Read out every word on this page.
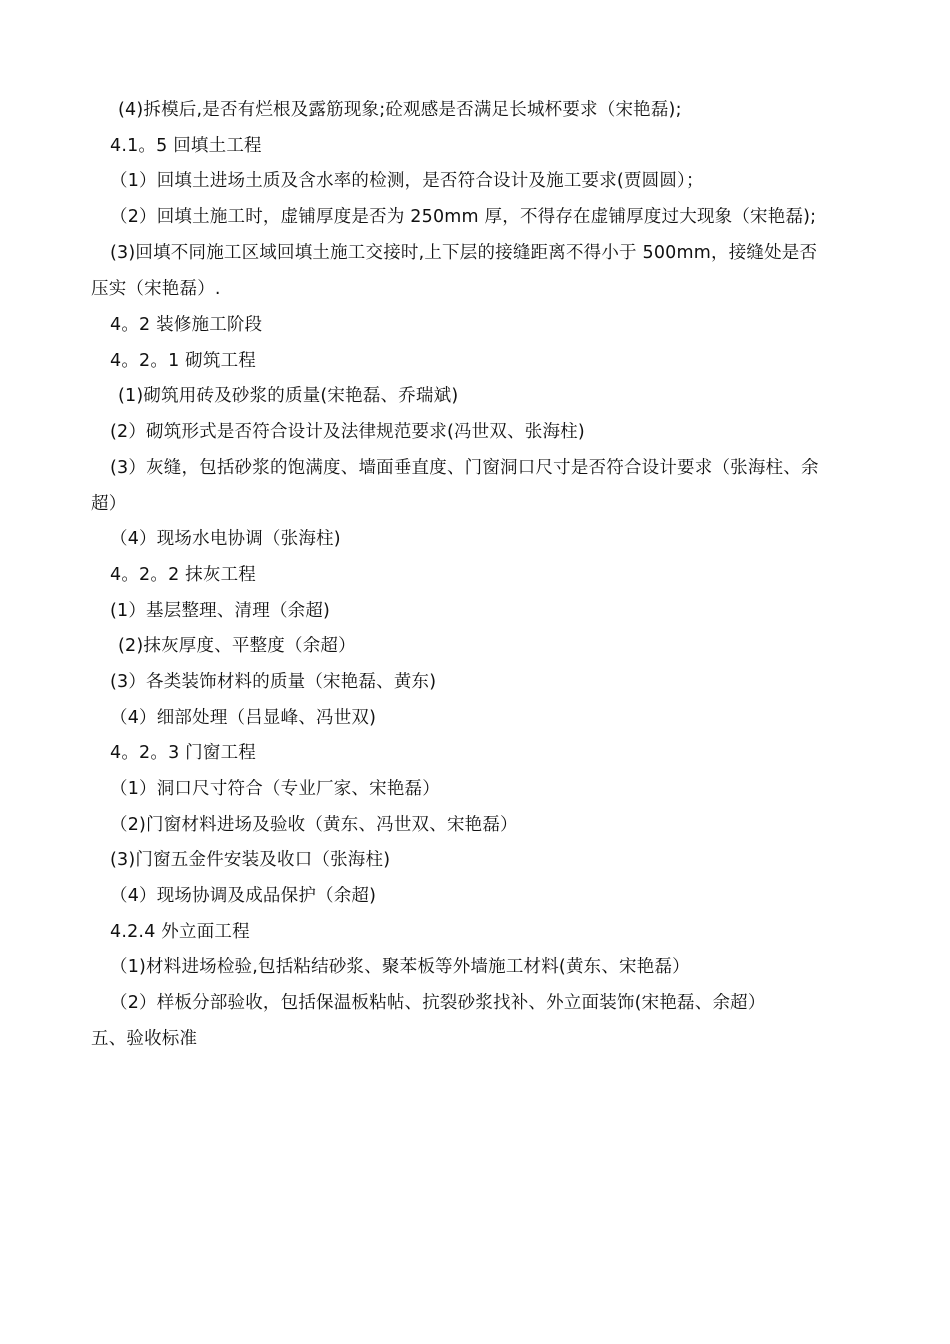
(4)拆模后,是否有烂根及露筋现象;砼观感是否满足长城杯要求（宋艳磊);
4.1。5 回填土工程
（1）回填土进场土质及含水率的检测，是否符合设计及施工要求(贾圆圆）；
（2）回填土施工时，虚铺厚度是否为 250mm 厚，不得存在虚铺厚度过大现象（宋艳磊);
(3)回填不同施工区域回填土施工交接时,上下层的接缝距离不得小于 500mm，接缝处是否
压实（宋艳磊）.
4。2 装修施工阶段
4。2。1 砌筑工程
(1)砌筑用砖及砂浆的质量(宋艳磊、乔瑞斌)
(2）砌筑形式是否符合设计及法律规范要求(冯世双、张海柱)
(3）灰缝，包括砂浆的饱满度、墙面垂直度、门窗洞口尺寸是否符合设计要求（张海柱、余
超）
（4）现场水电协调（张海柱)
4。2。2 抹灰工程
(1）基层整理、清理（余超)
(2)抹灰厚度、平整度（余超）
(3）各类装饰材料的质量（宋艳磊、黄东)
（4）细部处理（吕显峰、冯世双)
4。2。3 门窗工程
（1）洞口尺寸符合（专业厂家、宋艳磊）
（2)门窗材料进场及验收（黄东、冯世双、宋艳磊）
(3)门窗五金件安装及收口（张海柱)
（4）现场协调及成品保护（余超)
4.2.4 外立面工程
（1)材料进场检验,包括粘结砂浆、聚苯板等外墙施工材料(黄东、宋艳磊）
（2）样板分部验收，包括保温板粘帖、抗裂砂浆找补、外立面装饰(宋艳磊、余超）
五、验收标准
